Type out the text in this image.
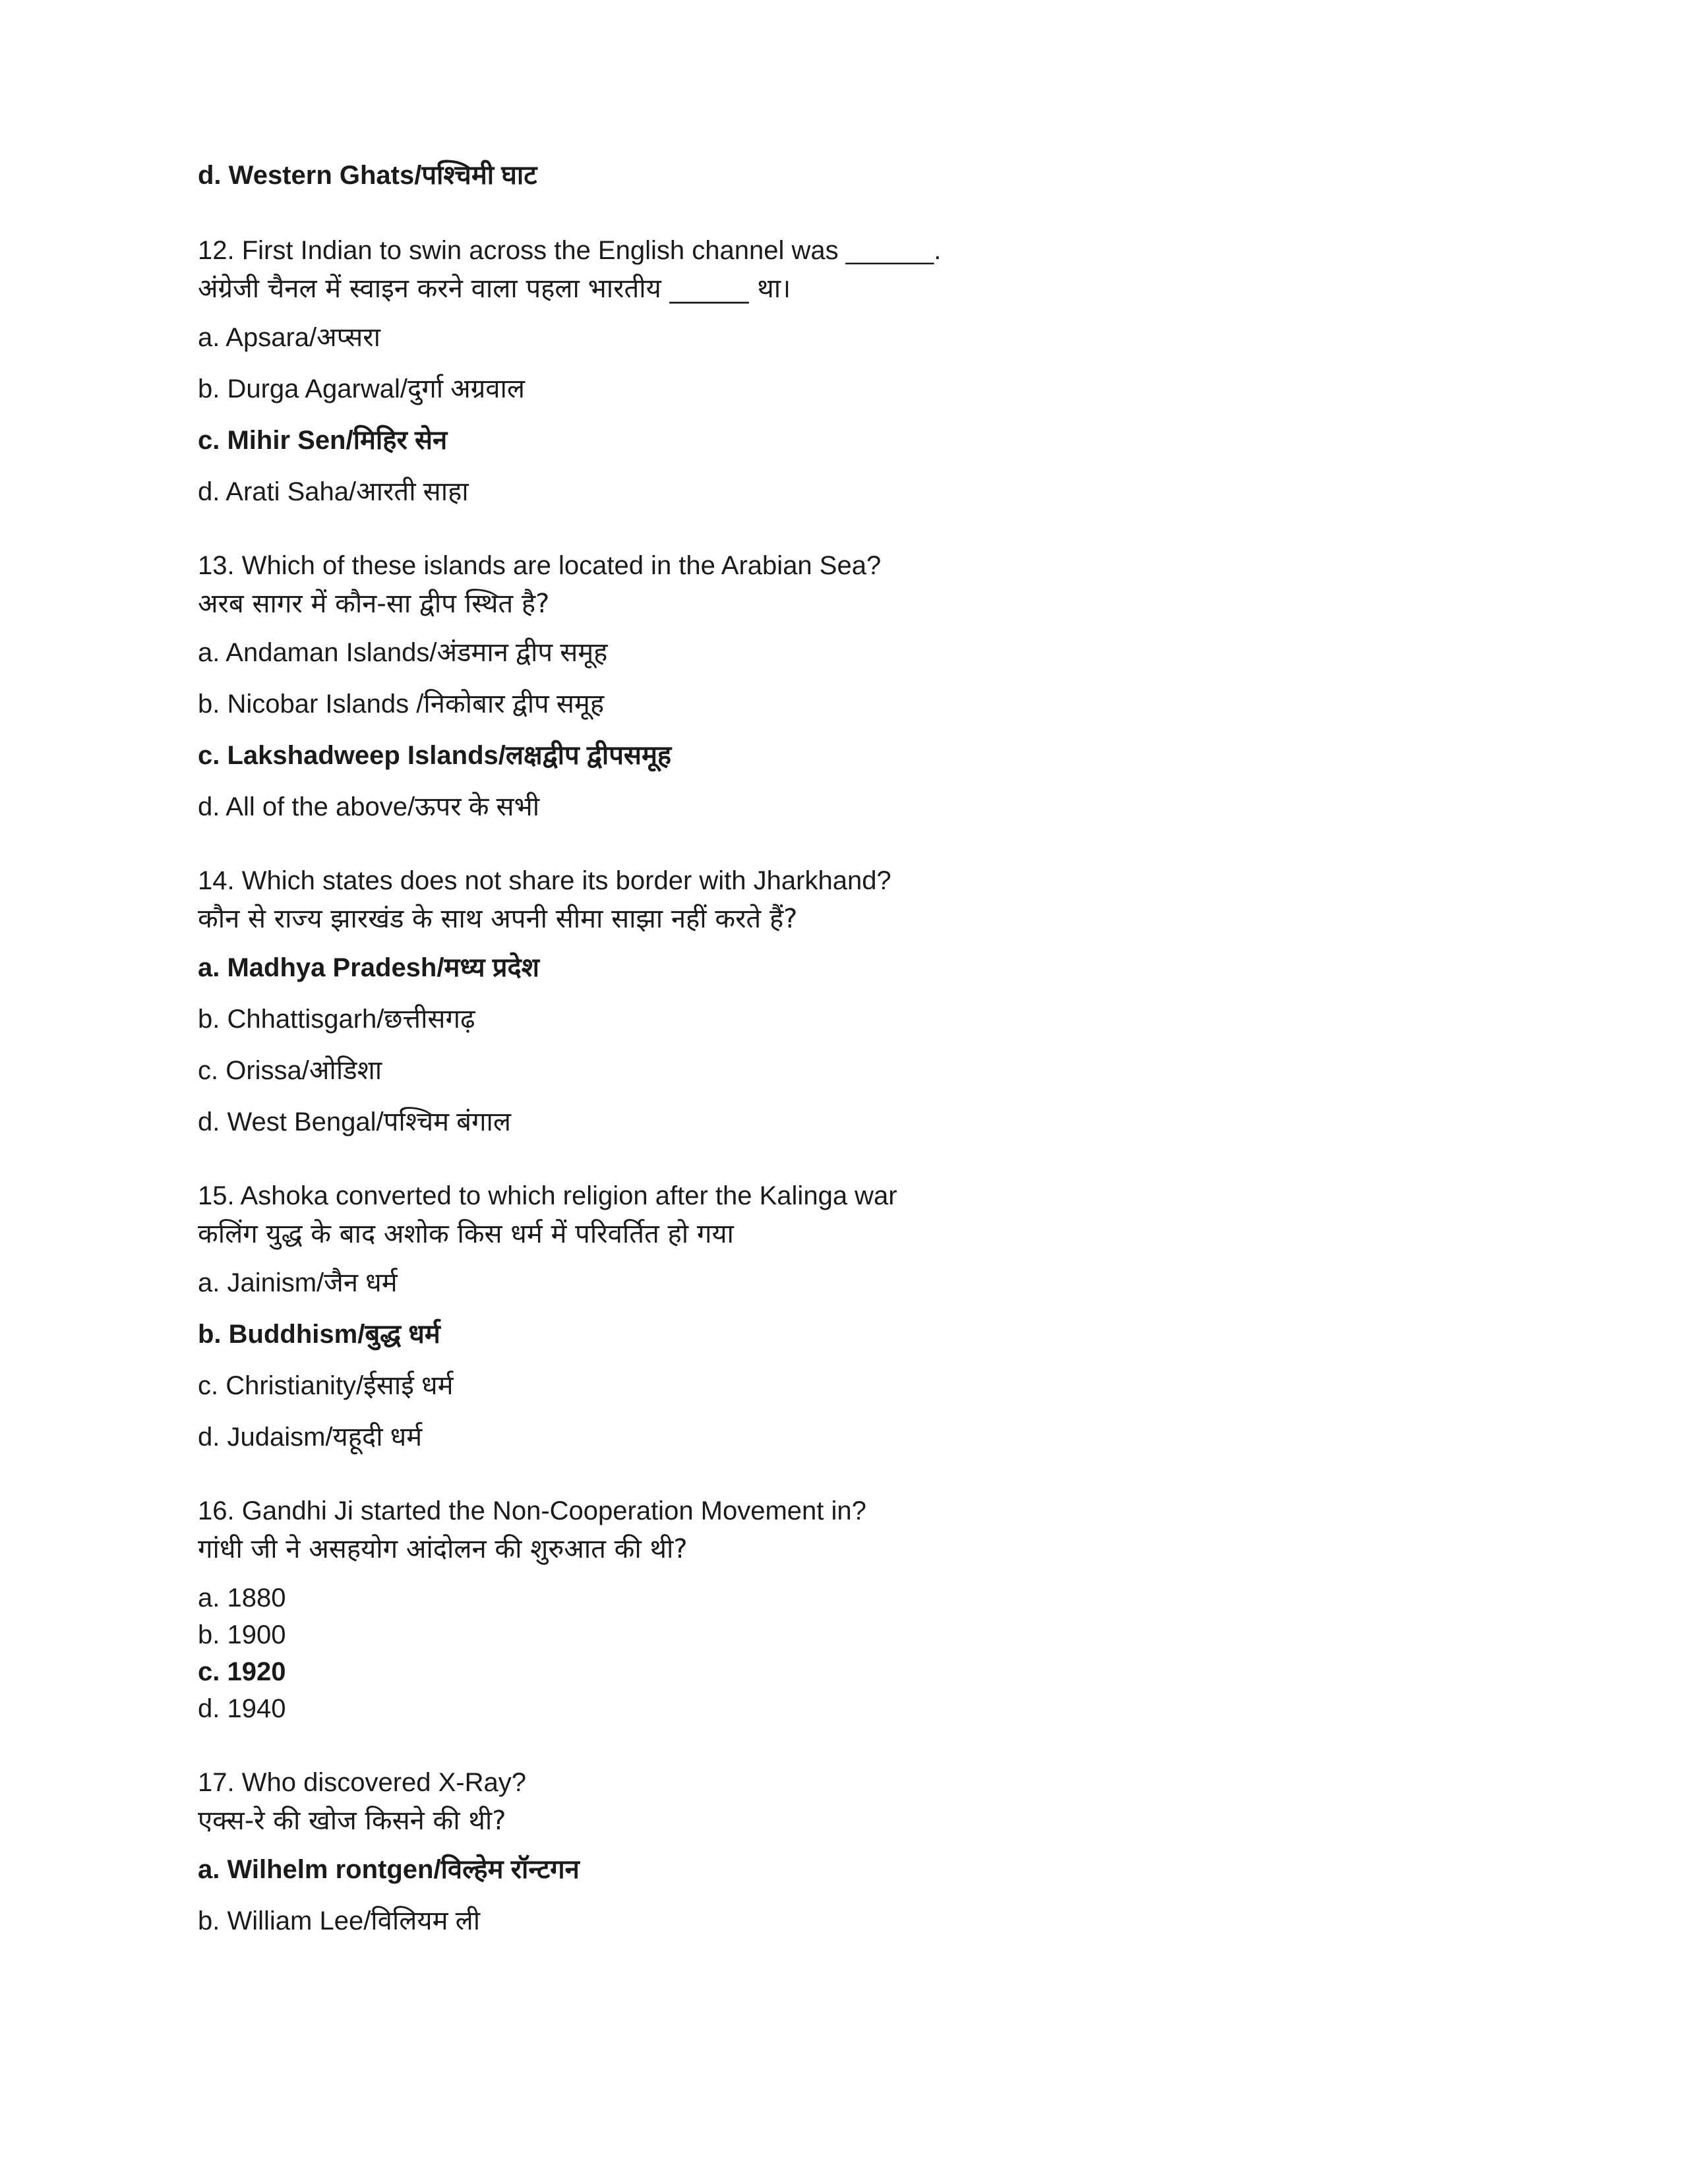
d. Western Ghats/पश्चिमी घाट

12. First Indian to swin across the English channel was ______.

अंग्रेजी चैनल में स्वाइन करने वाला पहला भारतीय ______ था।

a. Apsara/अप्सरा

b. Durga Agarwal/दुर्गा अग्रवाल

c. Mihir Sen/मिहिर सेन

d. Arati Saha/आरती साहा

13. Which of these islands are located in the Arabian Sea?

अरब सागर में कौन-सा द्वीप स्थित है?

a. Andaman Islands/अंडमान द्वीप समूह

b. Nicobar Islands /निकोबार द्वीप समूह

c. Lakshadweep Islands/लक्षद्वीप द्वीपसमूह

d. All of the above/ऊपर के सभी

14. Which states does not share its border with Jharkhand?

कौन से राज्य झारखंड के साथ अपनी सीमा साझा नहीं करते हैं?

a. Madhya Pradesh/मध्य प्रदेश

b. Chhattisgarh/छत्तीसगढ़

c. Orissa/ओडिशा

d. West Bengal/पश्चिम बंगाल

15. Ashoka converted to which religion after the Kalinga war

कलिंग युद्ध के बाद अशोक किस धर्म में परिवर्तित हो गया

a. Jainism/जैन धर्म

b. Buddhism/बुद्ध धर्म

c. Christianity/ईसाई धर्म

d. Judaism/यहूदी धर्म

16. Gandhi Ji started the Non-Cooperation Movement in?

गांधी जी ने असहयोग आंदोलन की शुरुआत की थी?

a. 1880

b. 1900

c. 1920

d. 1940

17. Who discovered X-Ray?

एक्स-रे की खोज किसने की थी?

a. Wilhelm rontgen/विल्हेम रॉन्टगन

b. William Lee/विलियम ली
